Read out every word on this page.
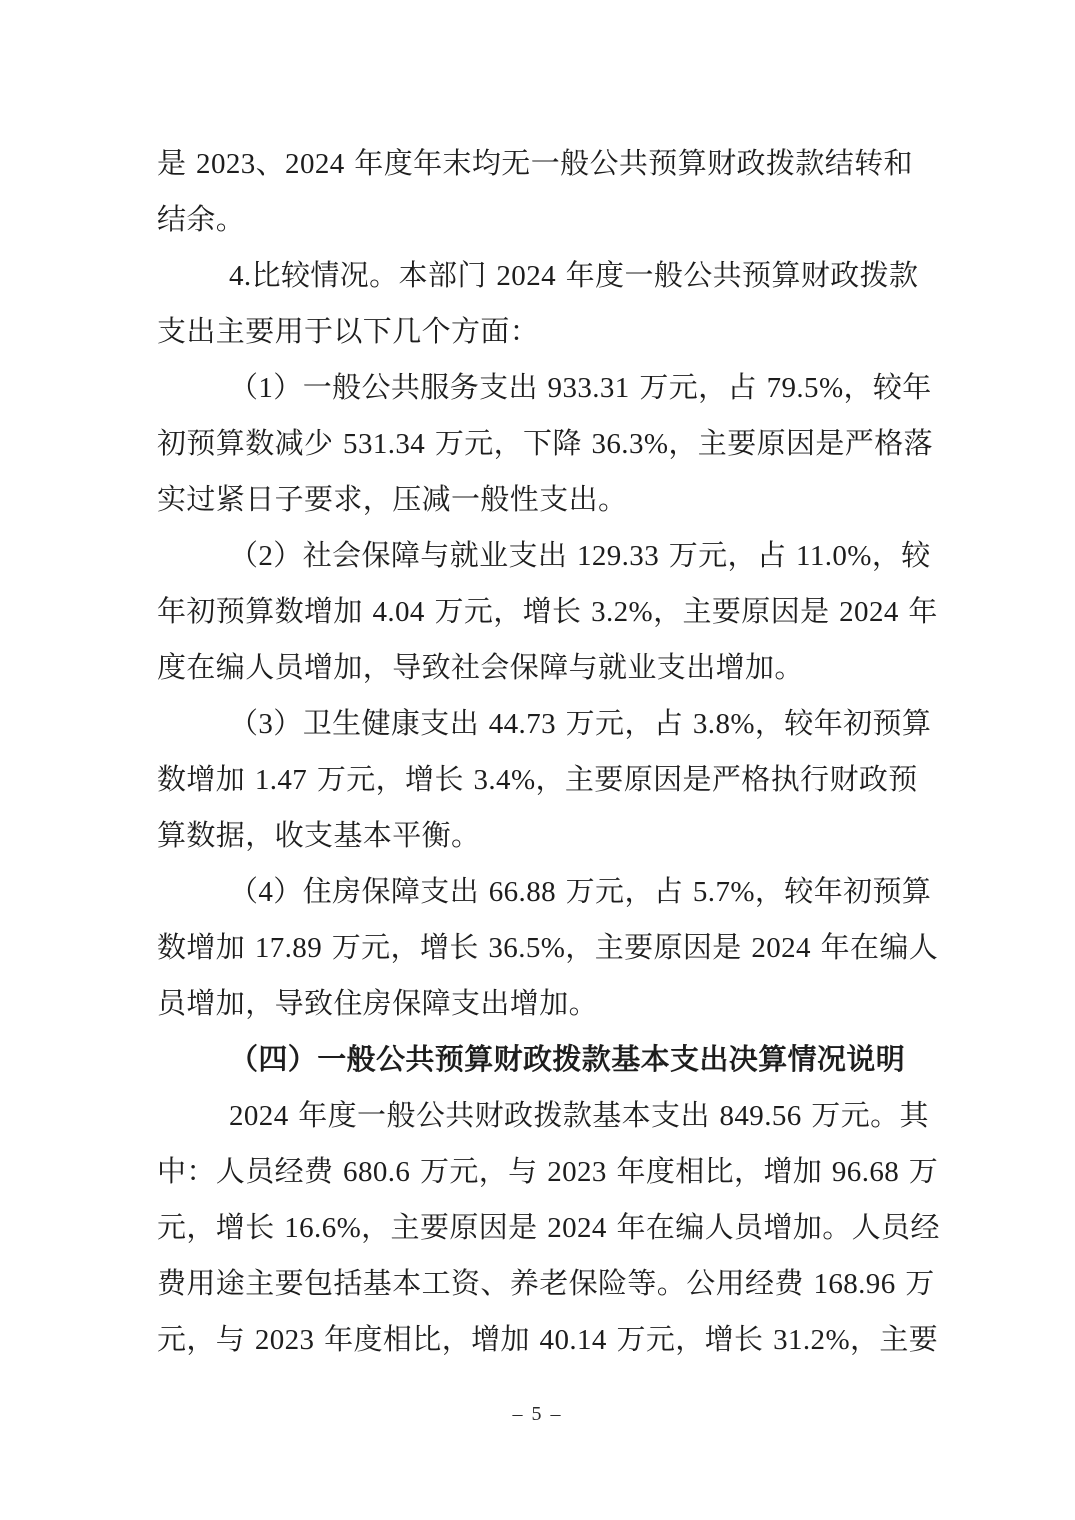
是 2023、2024 年度年末均无一般公共预算财政拨款结转和

结余。

4.比较情况。本部门 2024 年度一般公共预算财政拨款

支出主要用于以下几个方面：

（1）一般公共服务支出 933.31 万元，占 79.5%，较年

初预算数减少 531.34 万元，下降 36.3%，主要原因是严格落

实过紧日子要求，压减一般性支出。

（2）社会保障与就业支出 129.33 万元，占 11.0%，较

年初预算数增加 4.04 万元，增长 3.2%，主要原因是 2024 年

度在编人员增加，导致社会保障与就业支出增加。

（3）卫生健康支出 44.73 万元，占 3.8%，较年初预算

数增加 1.47 万元，增长 3.4%，主要原因是严格执行财政预

算数据，收支基本平衡。

（4）住房保障支出 66.88 万元，占 5.7%，较年初预算

数增加 17.89 万元，增长 36.5%，主要原因是 2024 年在编人

员增加，导致住房保障支出增加。

（四）一般公共预算财政拨款基本支出决算情况说明

2024 年度一般公共财政拨款基本支出 849.56 万元。其

中：人员经费 680.6 万元，与 2023 年度相比，增加 96.68 万

元，增长 16.6%，主要原因是 2024 年在编人员增加。人员经

费用途主要包括基本工资、养老保险等。公用经费 168.96 万

元，与 2023 年度相比，增加 40.14 万元，增长 31.2%，主要

– 5 –
